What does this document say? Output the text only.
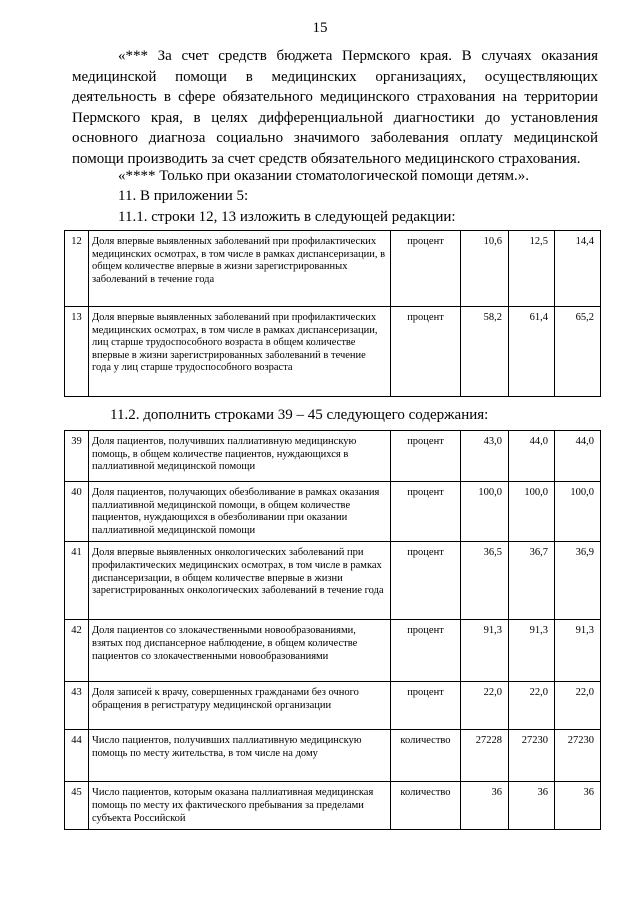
15
«*** За счет средств бюджета Пермского края. В случаях оказания медицинской помощи в медицинских организациях, осуществляющих деятельность в сфере обязательного медицинского страхования на территории Пермского края, в целях дифференциальной диагностики до установления основного диагноза социально значимого заболевания оплату медицинской помощи производить за счет средств обязательного медицинского страхования.
«**** Только при оказании стоматологической помощи детям.».
11. В приложении 5:
11.1. строки 12, 13 изложить в следующей редакции:
12	Доля впервые выявленных заболеваний при профилактических медицинских осмотрах, в том числе в рамках диспансеризации, в общем количестве впервые в жизни зарегистрированных заболеваний в течение года	процент	10,6	12,5	14,4
13	Доля впервые выявленных заболеваний при профилактических медицинских осмотрах, в том числе в рамках диспансеризации, лиц старше трудоспособного возраста в общем количестве впервые в жизни зарегистрированных заболеваний в течение года у лиц старше трудоспособного возраста	процент	58,2	61,4	65,2
11.2. дополнить строками 39 – 45 следующего содержания:
39	Доля пациентов, получивших паллиативную медицинскую помощь, в общем количестве пациентов, нуждающихся в паллиативной медицинской помощи	процент	43,0	44,0	44,0
40	Доля пациентов, получающих обезболивание в рамках оказания паллиативной медицинской помощи, в общем количестве пациентов, нуждающихся в обезболивании при оказании паллиативной медицинской помощи	процент	100,0	100,0	100,0
41	Доля впервые выявленных онкологических заболеваний при профилактических медицинских осмотрах, в том числе в рамках диспансеризации, в общем количестве впервые в жизни зарегистрированных онкологических заболеваний в течение года	процент	36,5	36,7	36,9
42	Доля пациентов со злокачественными новообразованиями, взятых под диспансерное наблюдение, в общем количестве пациентов со злокачественными новообразованиями	процент	91,3	91,3	91,3
43	Доля записей к врачу, совершенных гражданами без очного обращения в регистратуру медицинской организации	процент	22,0	22,0	22,0
44	Число пациентов, получивших паллиативную медицинскую помощь по месту жительства, в том числе на дому	количество	27228	27230	27230
45	Число пациентов, которым оказана паллиативная медицинская помощь по месту их фактического пребывания за пределами субъекта Российской	количество	36	36	36
